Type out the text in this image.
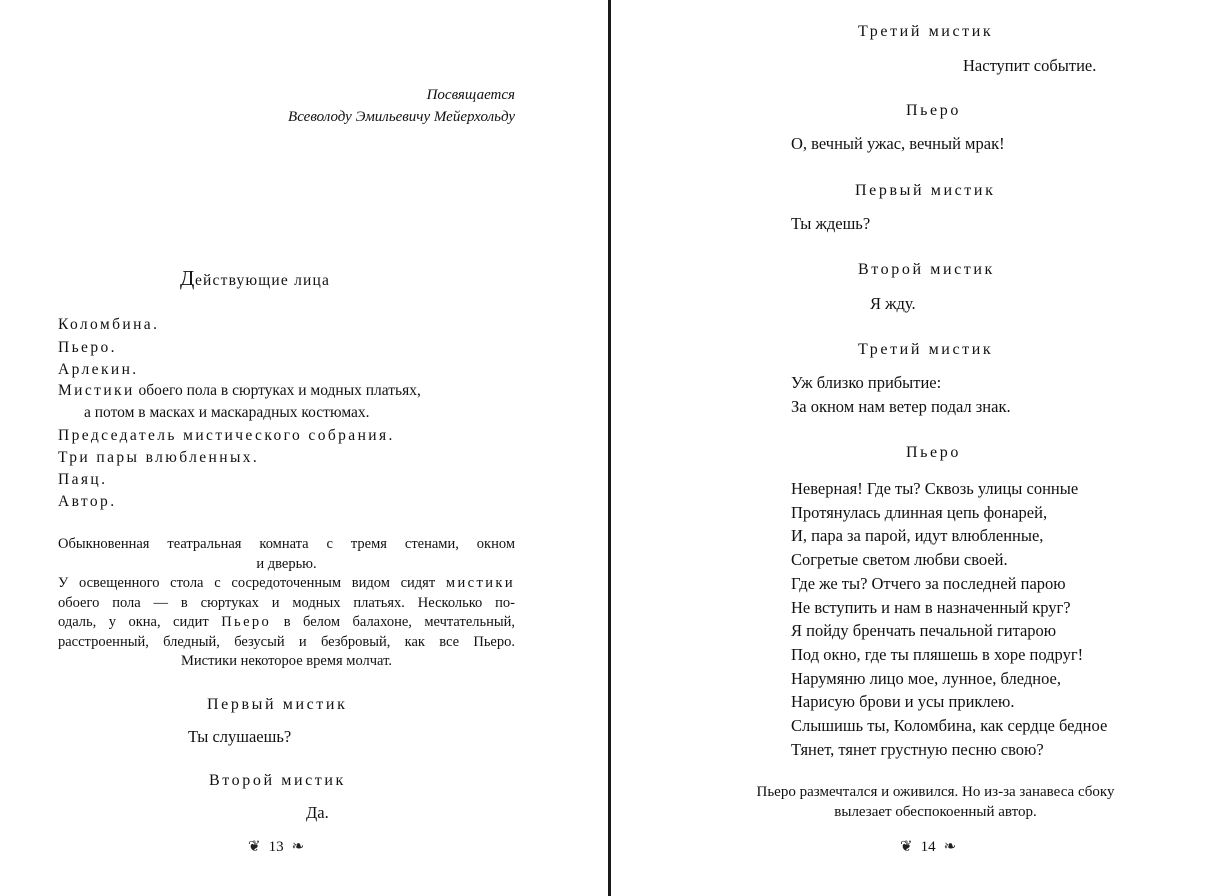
Посвящается
Всеволоду Эмильевичу Мейерхольду
Действующие лица
Коломбина.
Пьеро.
Арлекин.
Мистики обоего пола в сюртуках и модных платьях,
а потом в масках и маскарадных костюмах.
Председатель мистического собрания.
Три пары влюбленных.
Паяц.
Автор.

Обыкновенная театральная комната с тремя стенами, окном

и дверью.

У освещенного стола с сосредоточенным видом сидят мистики

обоего пола — в сюртуках и модных платьях. Несколько по-

одаль, у окна, сидит Пьеро в белом балахоне, мечтательный,

расстроенный, бледный, безусый и безбровый, как все Пьеро.

Мистики некоторое время молчат.

Первый мистик
Ты слушаешь?
Второй мистик
Да.
❦ 13 ❧
Третий мистик
Наступит событие.
Пьеро
О, вечный ужас, вечный мрак!
Первый мистик
Ты ждешь?
Второй мистик
Я жду.
Третий мистик
Уж близко прибытие:
За окном нам ветер подал знак.
Пьеро
Неверная! Где ты? Сквозь улицы сонные
Протянулась длинная цепь фонарей,
И, пара за парой, идут влюбленные,
Согретые светом любви своей.
Где же ты? Отчего за последней парою
Не вступить и нам в назначенный круг?
Я пойду бренчать печальной гитарою
Под окно, где ты пляшешь в хоре подруг!
Нарумяню лицо мое, лунное, бледное,
Нарисую брови и усы приклею.
Слышишь ты, Коломбина, как сердце бедное
Тянет, тянет грустную песню свою?
Пьеро размечтался и оживился. Но из-за занавеса сбоку
вылезает обеспокоенный автор.
❦ 14 ❧
